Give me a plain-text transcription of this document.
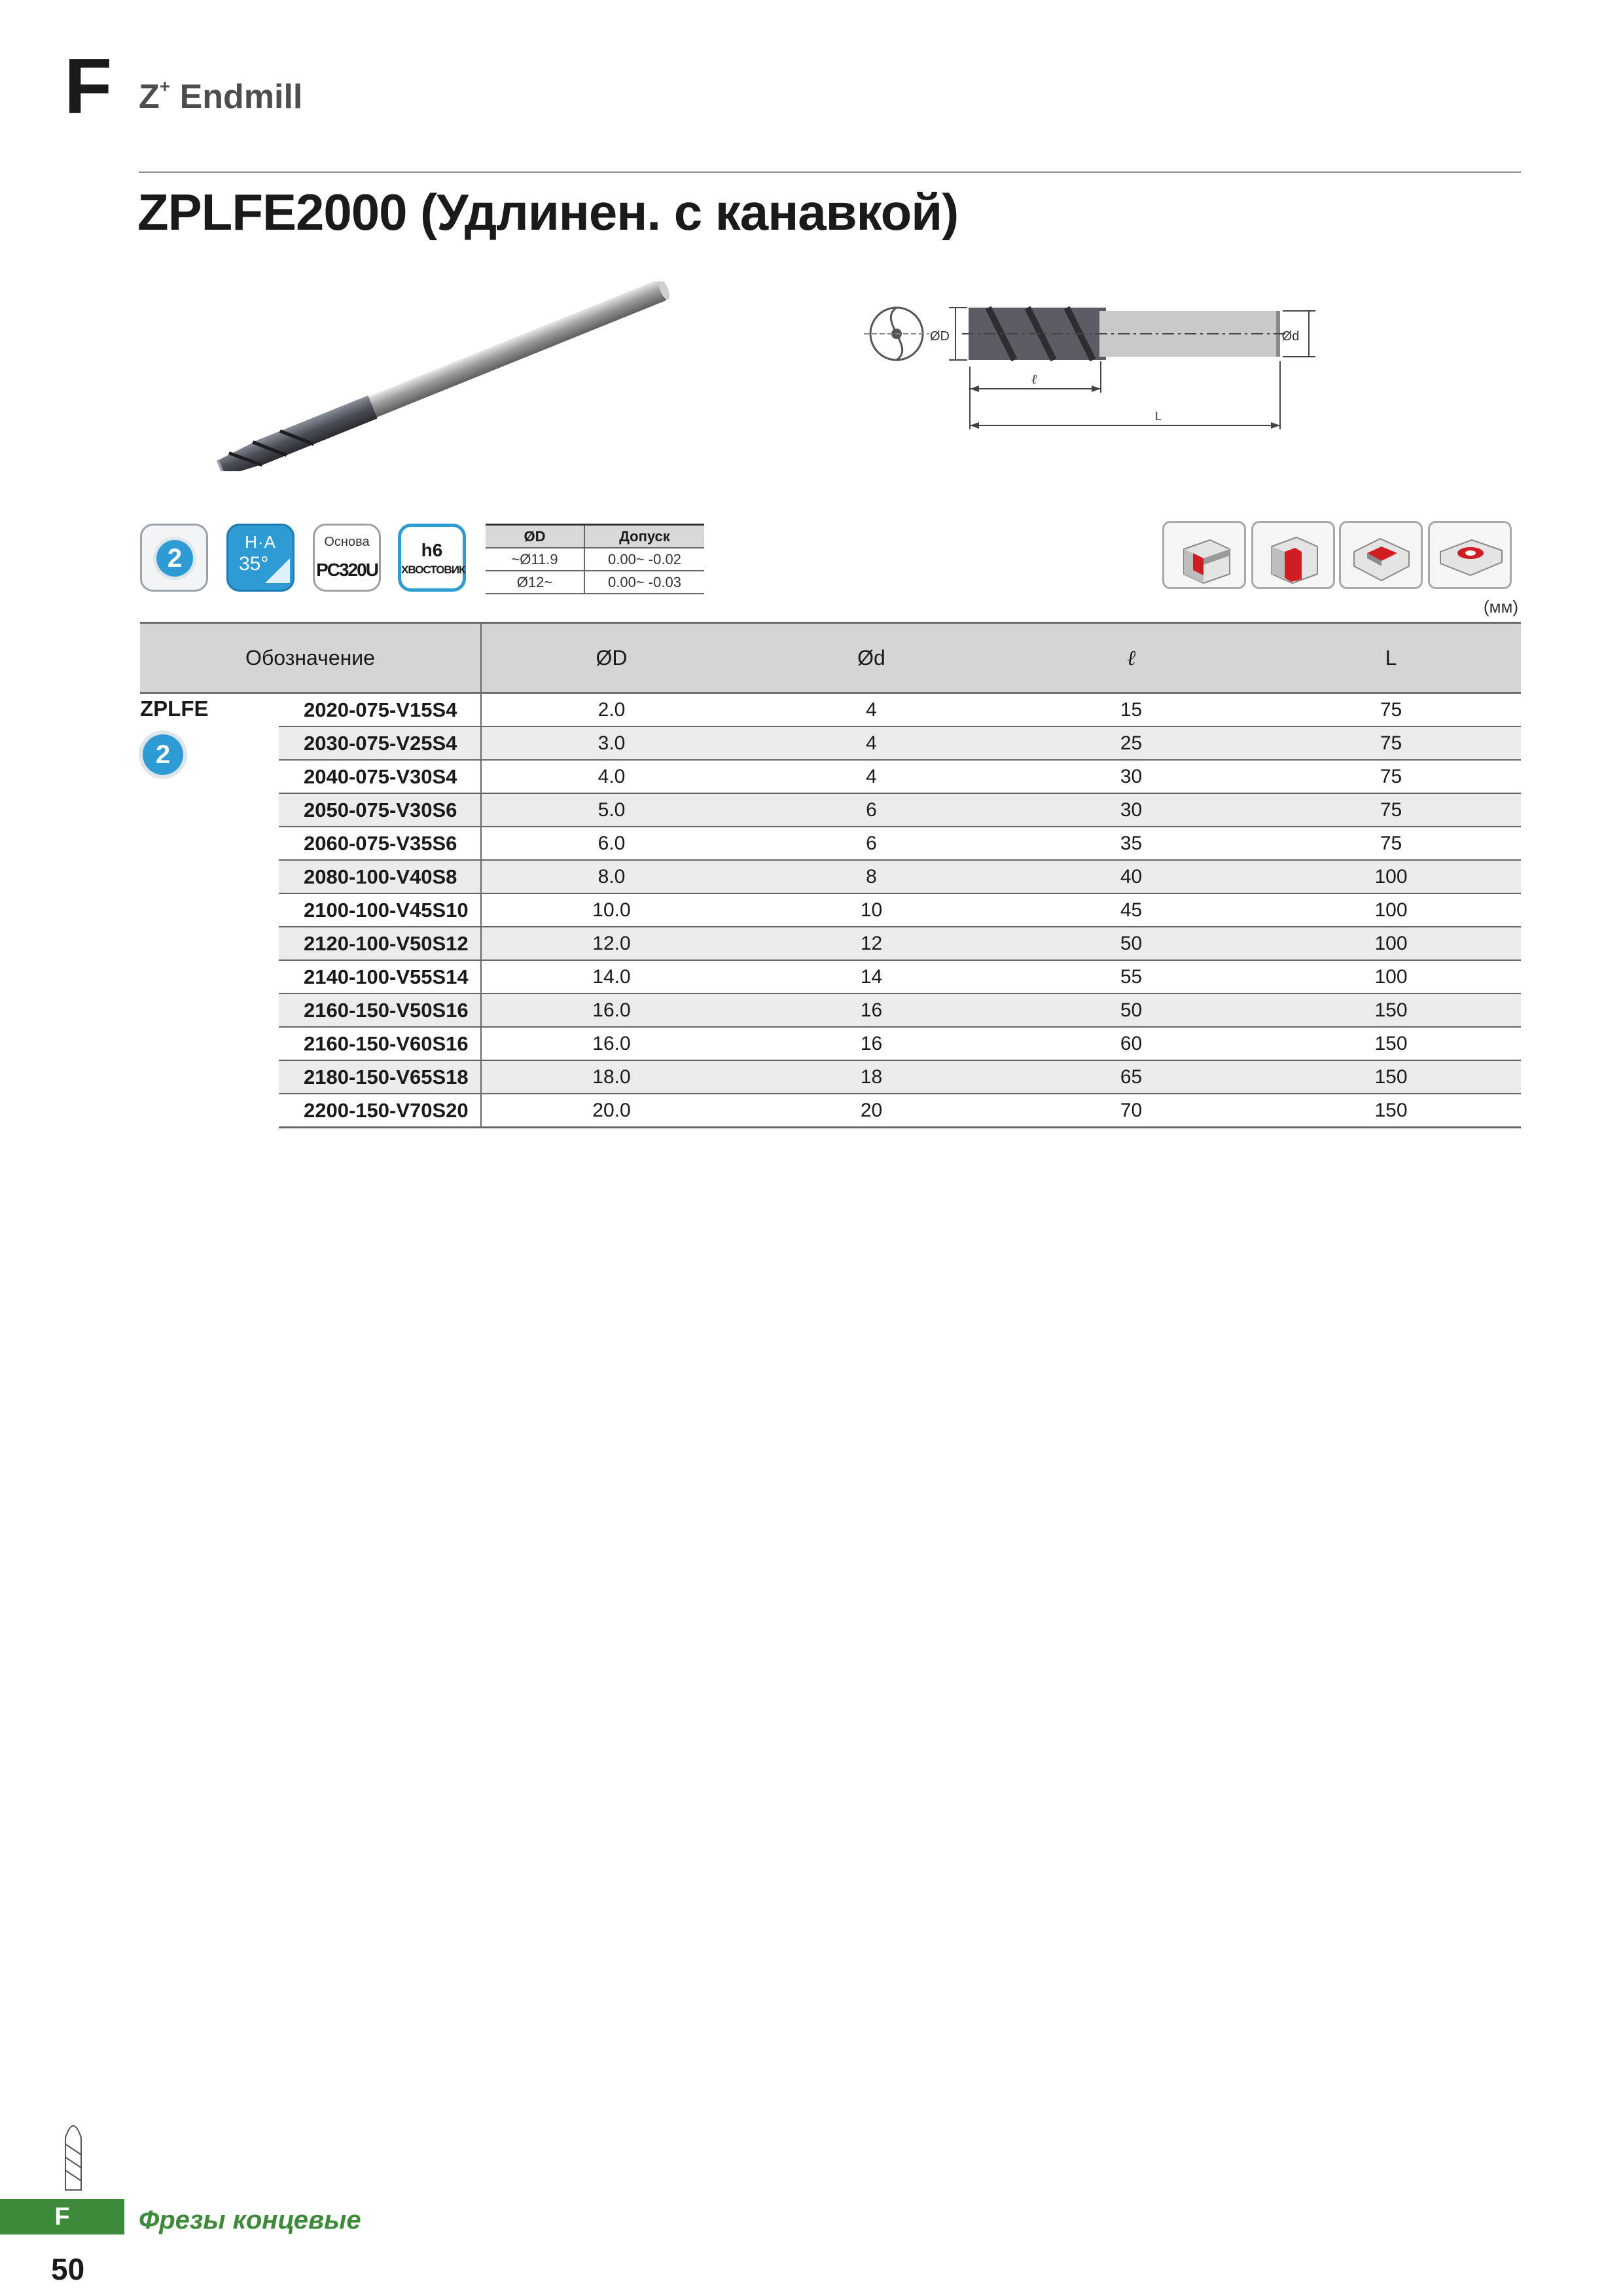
F Z+ Endmill
ZPLFE2000 (Удлинен. с канавкой)
ØD	Ød
ℓ
L
2
H·A
35°
Основа
PC320U
h6
ХВОСТОВИК
ØD	Допуск
~Ø11.9	0.00~ -0.02
Ø12~	0.00~ -0.03
(мм)
Обозначение		ØD	Ød	ℓ	L

ZPLFE
2	2020-075-V15S4	2.0	4	15	75
	2030-075-V25S4	3.0	4	25	75
	2040-075-V30S4	4.0	4	30	75
	2050-075-V30S6	5.0	6	30	75
	2060-075-V35S6	6.0	6	35	75
	2080-100-V40S8	8.0	8	40	100
	2100-100-V45S10	10.0	10	45	100
	2120-100-V50S12	12.0	12	50	100
	2140-100-V55S14	14.0	14	55	100
	2160-150-V50S16	16.0	16	50	150
	2160-150-V60S16	16.0	16	60	150
	2180-150-V65S18	18.0	18	65	150
	2200-150-V70S20	20.0	20	70	150
F	Фрезы концевые
50
